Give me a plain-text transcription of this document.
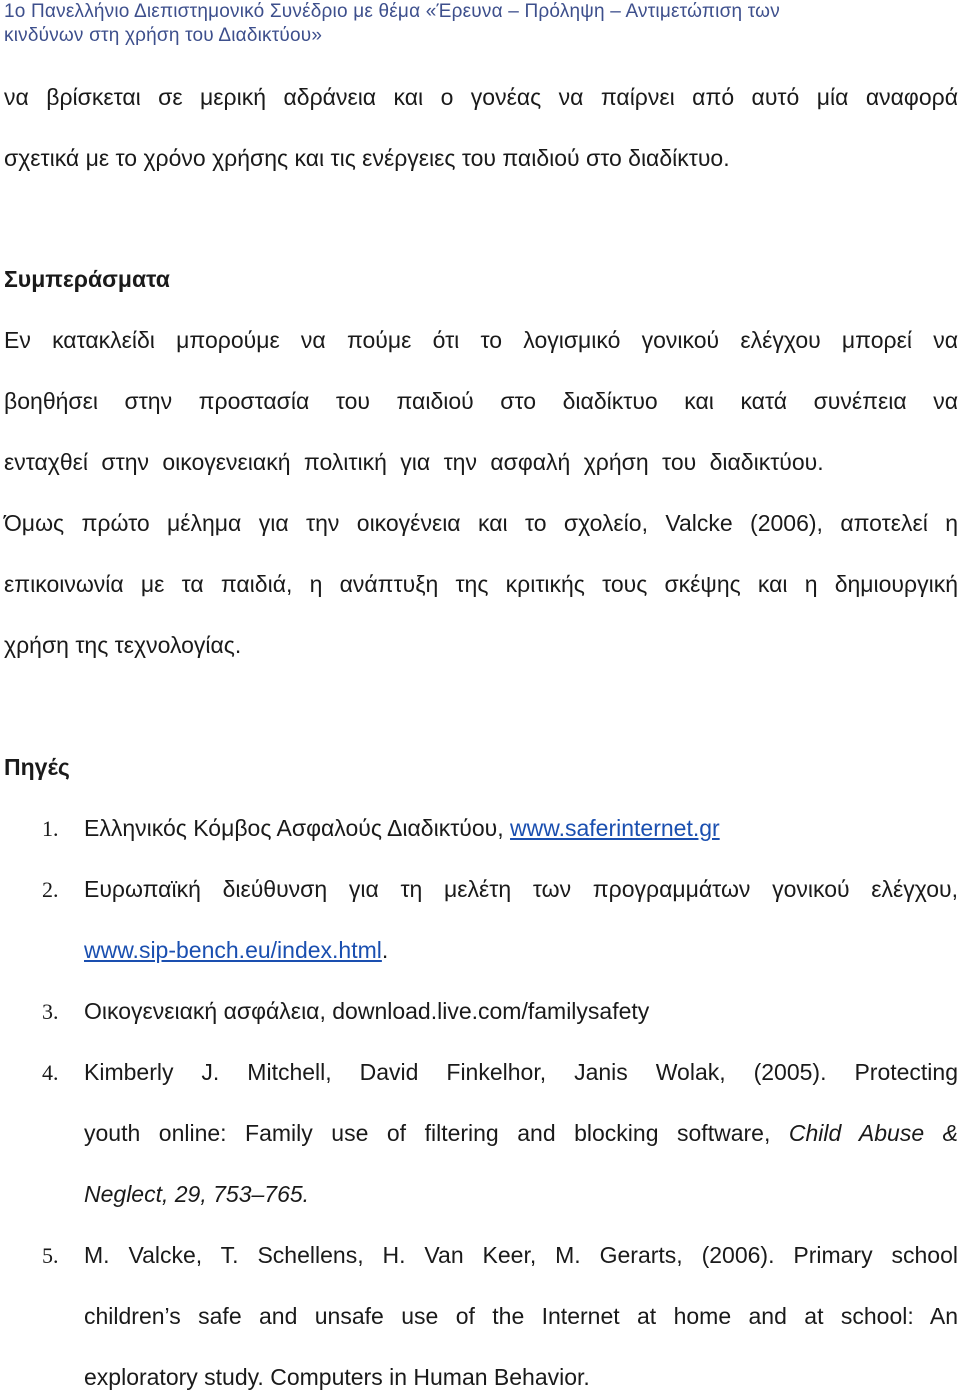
1ο Πανελλήνιο Διεπιστημονικό Συνέδριο με θέμα «Έρευνα – Πρόληψη – Αντιμετώπιση των
κινδύνων στη χρήση του Διαδικτύου»
να βρίσκεται σε μερική αδράνεια και ο γονέας να παίρνει από αυτό μία αναφορά
σχετικά με το χρόνο χρήσης και τις ενέργειες του παιδιού στο διαδίκτυο.
Συμπεράσματα
Εν κατακλείδι μπορούμε να πούμε ότι το λογισμικό γονικού ελέγχου μπορεί να
βοηθήσει στην προστασία του παιδιού στο διαδίκτυο και κατά συνέπεια να
ενταχθεί στην οικογενειακή πολιτική για την ασφαλή χρήση του διαδικτύου.
Όμως πρώτο μέλημα για την οικογένεια και το σχολείο, Valcke (2006), αποτελεί η
επικοινωνία με τα παιδιά, η ανάπτυξη της κριτικής τους σκέψης και η δημιουργική
χρήση της τεχνολογίας.
Πηγές
1. Ελληνικός Κόμβος Ασφαλούς Διαδικτύου, www.saferinternet.gr
2. Ευρωπαϊκή διεύθυνση για τη μελέτη των προγραμμάτων γονικού ελέγχου,
www.sip-bench.eu/index.html.
3. Οικογενειακή ασφάλεια, download.live.com/familysafety
4. Kimberly J. Mitchell, David Finkelhor, Janis Wolak, (2005). Protecting
youth online: Family use of filtering and blocking software, Child Abuse &
Neglect, 29, 753–765.
5. M. Valcke, T. Schellens, H. Van Keer, M. Gerarts, (2006). Primary school
children’s safe and unsafe use of the Internet at home and at school: An
exploratory study. Computers in Human Behavior.
